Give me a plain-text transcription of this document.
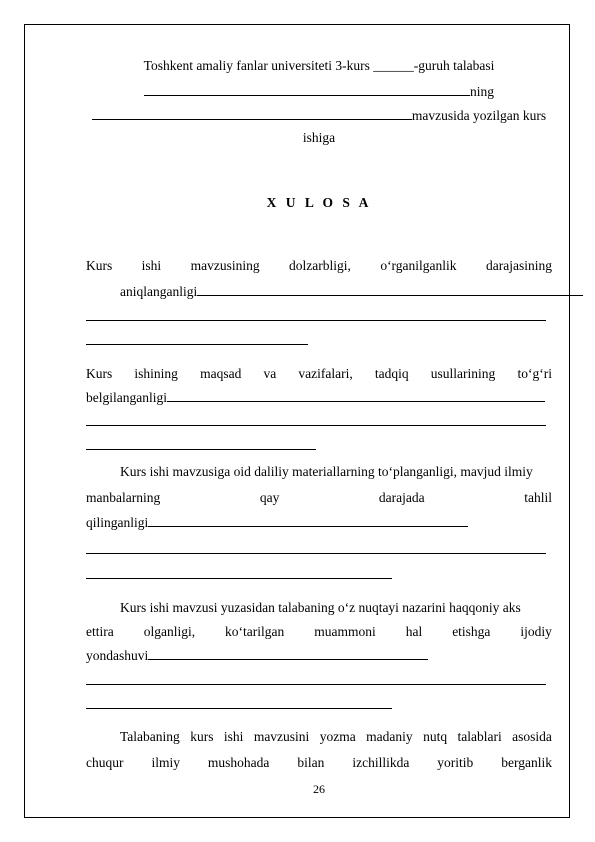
Toshkent amaliy fanlar universiteti 3-kurs ______-guruh talabasi
ning
mavzusida yozilgan kurs
ishiga
X U L O S A
Kurs ishi mavzusining dolzarbligi, o‘rganilganlik darajasining
aniqlanganligi
Kurs ishining maqsad va vazifalari, tadqiq usullarining to‘g‘ri
belgilanganligi
Kurs ishi mavzusiga oid daliliy materiallarning to‘planganligi, mavjud ilmiy
manbalarning	qay	darajada	tahlil
qilinganligi
Kurs ishi mavzusi yuzasidan talabaning o‘z nuqtayi nazarini haqqoniy aks
ettira olganligi, ko‘tarilgan muammoni hal etishga ijodiy
yondashuvi
Talabaning kurs ishi mavzusini yozma madaniy nutq talablari asosida
chuqur ilmiy mushohada bilan izchillikda yoritib berganlik
26
